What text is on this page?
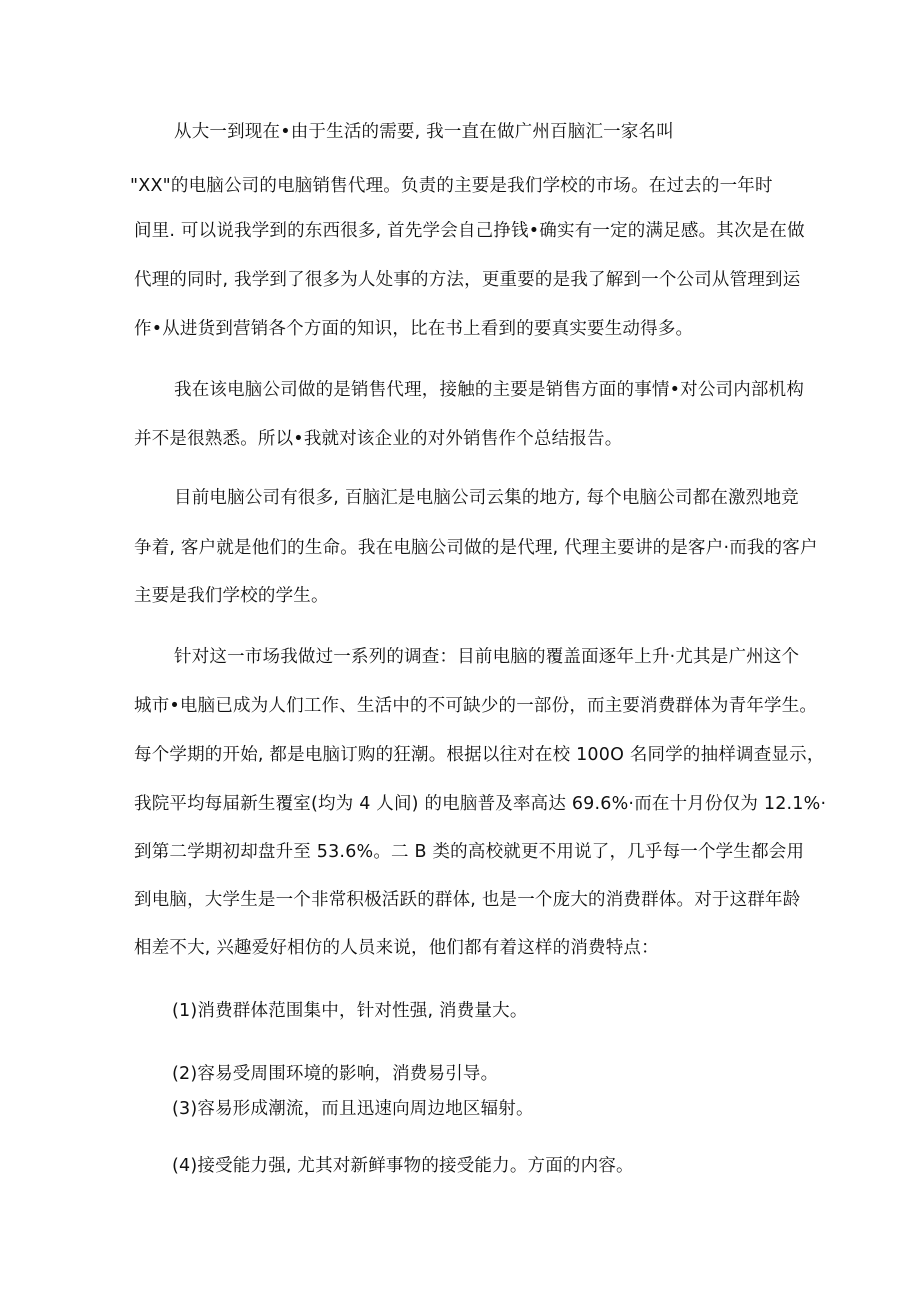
从大一到现在•由于生活的需要, 我一直在做广州百脑汇一家名叫
"XX"的电脑公司的电脑销售代理。负责的主要是我们学校的市场。在过去的一年时
间里. 可以说我学到的东西很多, 首先学会自己挣钱•确实有一定的满足感。其次是在做
代理的同时, 我学到了很多为人处事的方法，更重要的是我了解到一个公司从管理到运
作•从进货到营销各个方面的知识，比在书上看到的要真实要生动得多。
我在该电脑公司做的是销售代理，接触的主要是销售方面的事情•对公司内部机构
并不是很熟悉。所以•我就对该企业的对外销售作个总结报告。
目前电脑公司有很多, 百脑汇是电脑公司云集的地方, 每个电脑公司都在激烈地竞
争着, 客户就是他们的生命。我在电脑公司做的是代理, 代理主要讲的是客户·而我的客户
主要是我们学校的学生。
针对这一市场我做过一系列的调查：目前电脑的覆盖面逐年上升·尤其是广州这个
城市•电脑已成为人们工作、生活中的不可缺少的一部份，而主要消费群体为青年学生。
每个学期的开始, 都是电脑订购的狂潮。根据以往对在校 100O 名同学的抽样调查显示，
我院平均每届新生覆室(均为 4 人间) 的电脑普及率高达 69.6%·而在十月份仅为 12.1%·
到第二学期初却盘升至 53.6%。二 B 类的高校就更不用说了，几乎每一个学生都会用
到电脑，大学生是一个非常积极活跃的群体, 也是一个庞大的消费群体。对于这群年龄
相差不大, 兴趣爱好相仿的人员来说，他们都有着这样的消费特点：
(1)消费群体范围集中，针对性强, 消费量大。
(2)容易受周围环境的影响，消费易引导。
(3)容易形成潮流，而且迅速向周边地区辐射。
(4)接受能力强, 尤其对新鲜事物的接受能力。方面的内容。
